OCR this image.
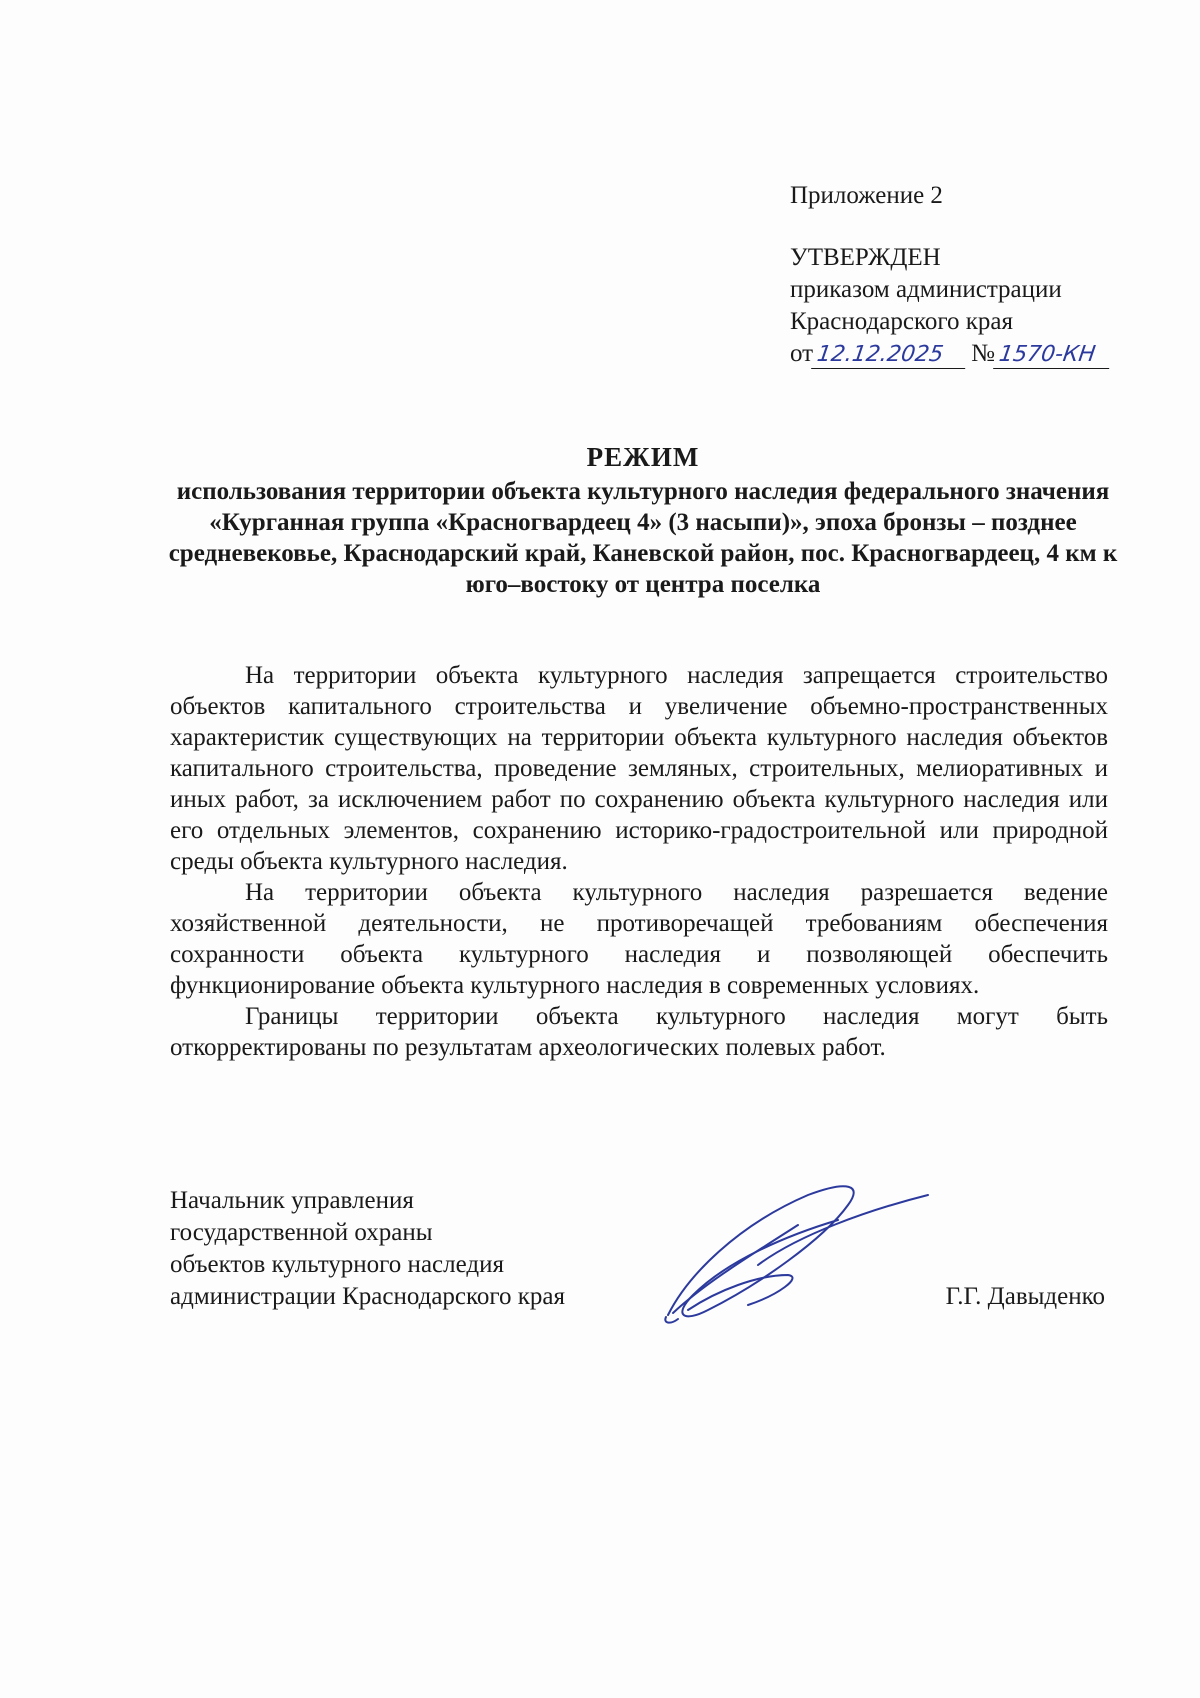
Приложение 2
УТВЕРЖДЕН
приказом администрации
Краснодарского края
от 12.12.2025 № 1570-КН
РЕЖИМ
использования территории объекта культурного наследия федерального значения «Курганная группа «Красногвардеец 4» (3 насыпи)», эпоха бронзы – позднее средневековье, Краснодарский край, Каневской район, пос. Красногвардеец, 4 км к юго–востоку от центра поселка

На территории объекта культурного наследия запрещается строительство объектов капитального строительства и увеличение объемно-пространственных характеристик существующих на территории объекта культурного наследия объектов капитального строительства, проведение земляных, строительных, мелиоративных и иных работ, за исключением работ по сохранению объекта культурного наследия или его отдельных элементов, сохранению историко-градостроительной или природной среды объекта культурного наследия.

На территории объекта культурного наследия разрешается ведение хозяйственной деятельности, не противоречащей требованиям обеспечения сохранности объекта культурного наследия и позволяющей обеспечить функционирование объекта культурного наследия в современных условиях.

Границы территории объекта культурного наследия могут быть откорректированы по результатам археологических полевых работ.

Начальник управления
государственной охраны
объектов культурного наследия
администрации Краснодарского края	Г.Г. Давыденко
